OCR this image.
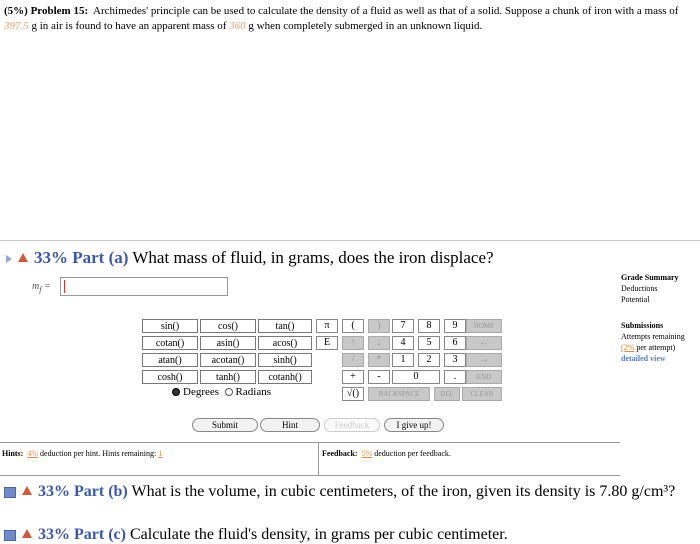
(5%) Problem 15: Archimedes' principle can be used to calculate the density of a fluid as well as that of a solid. Suppose a chunk of iron with a mass of 397.5 g in air is found to have an apparent mass of 360 g when completely submerged in an unknown liquid.
33% Part (a) What mass of fluid, in grams, does the iron displace?
$m_f$ =
Grade Summary
Deductions
Potential
Submissions
Attempts remaining
(2% per attempt)
detailed view
sin()	cos()	tan()
cotan()	asin()	acos()
atan()	acotan()	sinh()
cosh()	tanh()	cotanh()
Degrees Radians
π	(	)	7	8	9	HOME
E	↑	↓	4	5	6	←
/	*	1	2	3	→
+	-	0	.	END
√()	BACKSPACE	DEL	CLEAR
Submit	Hint	Feedback	I give up!
Hints: 4% deduction per hint. Hints remaining: 1	Feedback: 5% deduction per feedback.
33% Part (b) What is the volume, in cubic centimeters, of the iron, given its density is 7.80 g/cm³?
33% Part (c) Calculate the fluid's density, in grams per cubic centimeter.
